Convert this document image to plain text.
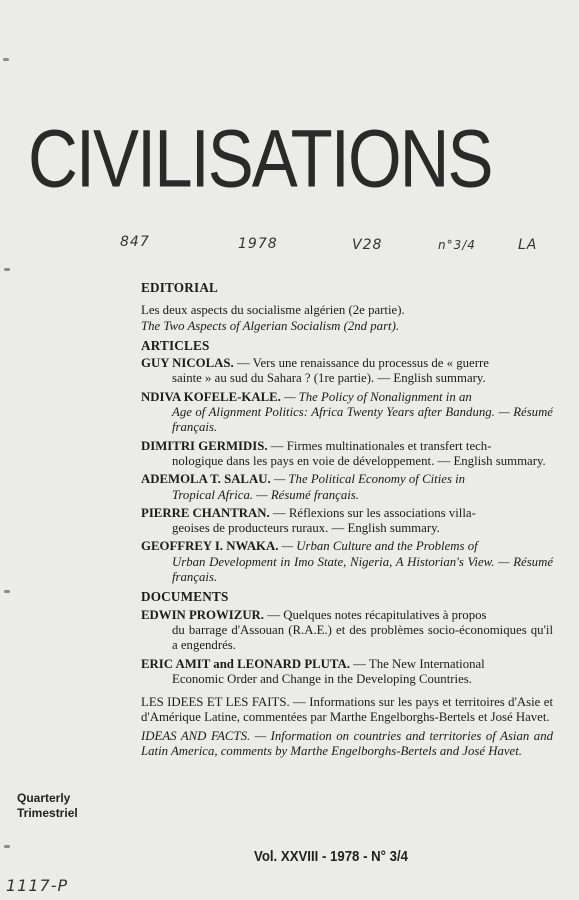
CIVILISATIONS
847	1978	V28	n°3/4	LA
EDITORIAL
Les deux aspects du socialisme algérien (2e partie).
The Two Aspects of Algerian Socialism (2nd part).
ARTICLES
GUY NICOLAS. — Vers une renaissance du processus de « guerre
sainte » au sud du Sahara ? (1re partie). — English summary.
NDIVA KOFELE-KALE. — The Policy of Nonalignment in an
Age of Alignment Politics: Africa Twenty Years after Bandung. — Résumé français.
DIMITRI GERMIDIS. — Firmes multinationales et transfert tech-
nologique dans les pays en voie de développement. — English summary.
ADEMOLA T. SALAU. — The Political Economy of Cities in
Tropical Africa. — Résumé français.
PIERRE CHANTRAN. — Réflexions sur les associations villa-
geoises de producteurs ruraux. — English summary.
GEOFFREY I. NWAKA. — Urban Culture and the Problems of
Urban Development in Imo State, Nigeria, A Historian's View. — Résumé français.
DOCUMENTS
EDWIN PROWIZUR. — Quelques notes récapitulatives à propos
du barrage d'Assouan (R.A.E.) et des problèmes socio-économiques qu'il a engendrés.
ERIC AMIT and LEONARD PLUTA. — The New International
Economic Order and Change in the Developing Countries.
LES IDEES ET LES FAITS. — Informations sur les pays et territoires d'Asie et d'Amérique Latine, commentées par Marthe Engelborghs-Bertels et José Havet.
IDEAS AND FACTS. — Information on countries and territories of Asian and Latin America, comments by Marthe Engelborghs-Bertels and José Havet.
Quarterly
Trimestriel
Vol. XXVIII - 1978 - N° 3/4
1117-P
